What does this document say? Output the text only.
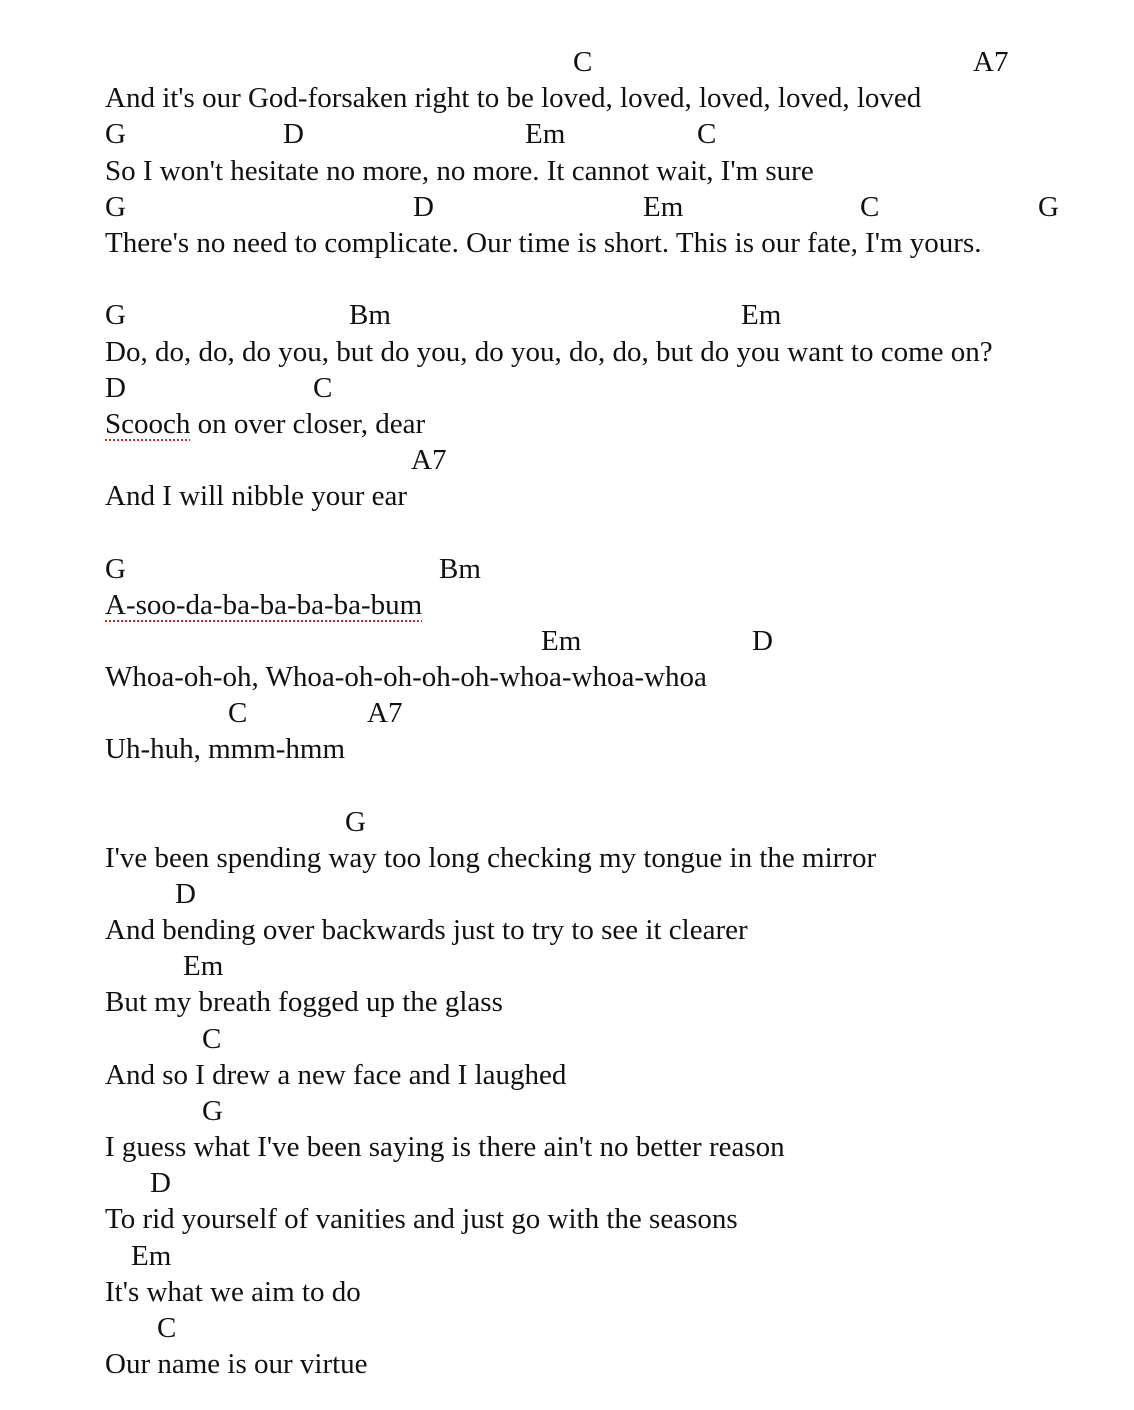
C	A7
And it's our God-forsaken right to be loved, loved, loved, loved, loved
G	D	Em	C
So I won't hesitate no more, no more. It cannot wait, I'm sure
G	D	Em	C	G
There's no need to complicate. Our time is short. This is our fate, I'm yours.
G	Bm	Em
Do, do, do, do you, but do you, do you, do, do, but do you want to come on?
D	C
Scooch on over closer, dear
A7
And I will nibble your ear
G	Bm
A-soo-da-ba-ba-ba-ba-bum
Em	D
Whoa-oh-oh, Whoa-oh-oh-oh-oh-whoa-whoa-whoa
C	A7
Uh-huh, mmm-hmm
G
I've been spending way too long checking my tongue in the mirror
D
And bending over backwards just to try to see it clearer
Em
But my breath fogged up the glass
C
And so I drew a new face and I laughed
G
I guess what I've been saying is there ain't no better reason
D
To rid yourself of vanities and just go with the seasons
Em
It's what we aim to do
C
Our name is our virtue
